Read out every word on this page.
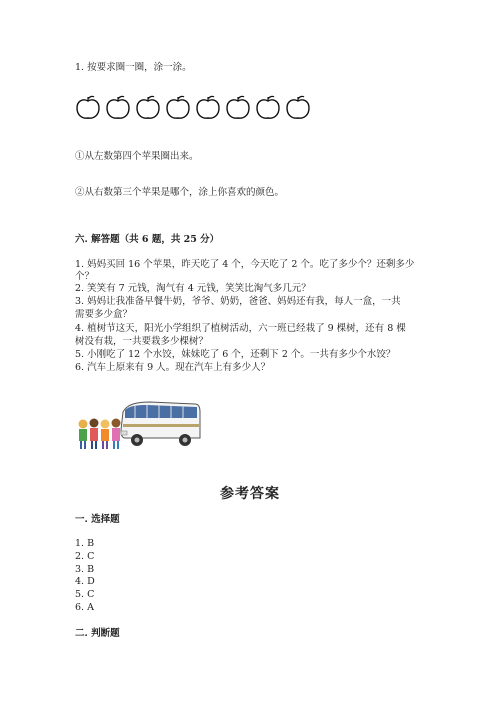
1. 按要求圈一圈，涂一涂。
①从左数第四个苹果圈出来。
②从右数第三个苹果是哪个，涂上你喜欢的颜色。
六. 解答题（共 6 题，共 25 分）
1. 妈妈买回 16 个苹果，昨天吃了 4 个，今天吃了 2 个。吃了多少个？还剩多少
个？
2. 笑笑有 7 元钱，淘气有 4 元钱，笑笑比淘气多几元？
3. 妈妈让我准备早餐牛奶，爷爷、奶奶，爸爸、妈妈还有我，每人一盒，一共
需要多少盒？
4. 植树节这天，阳光小学组织了植树活动，六一班已经栽了 9 棵树，还有 8 棵
树没有栽，一共要栽多少棵树？
5. 小刚吃了 12 个水饺，妹妹吃了 6 个，还剩下 2 个。一共有多少个水饺？
6. 汽车上原来有 9 人。现在汽车上有多少人？
参考答案
一. 选择题
1. B
2. C
3. B
4. D
5. C
6. A
二. 判断题
